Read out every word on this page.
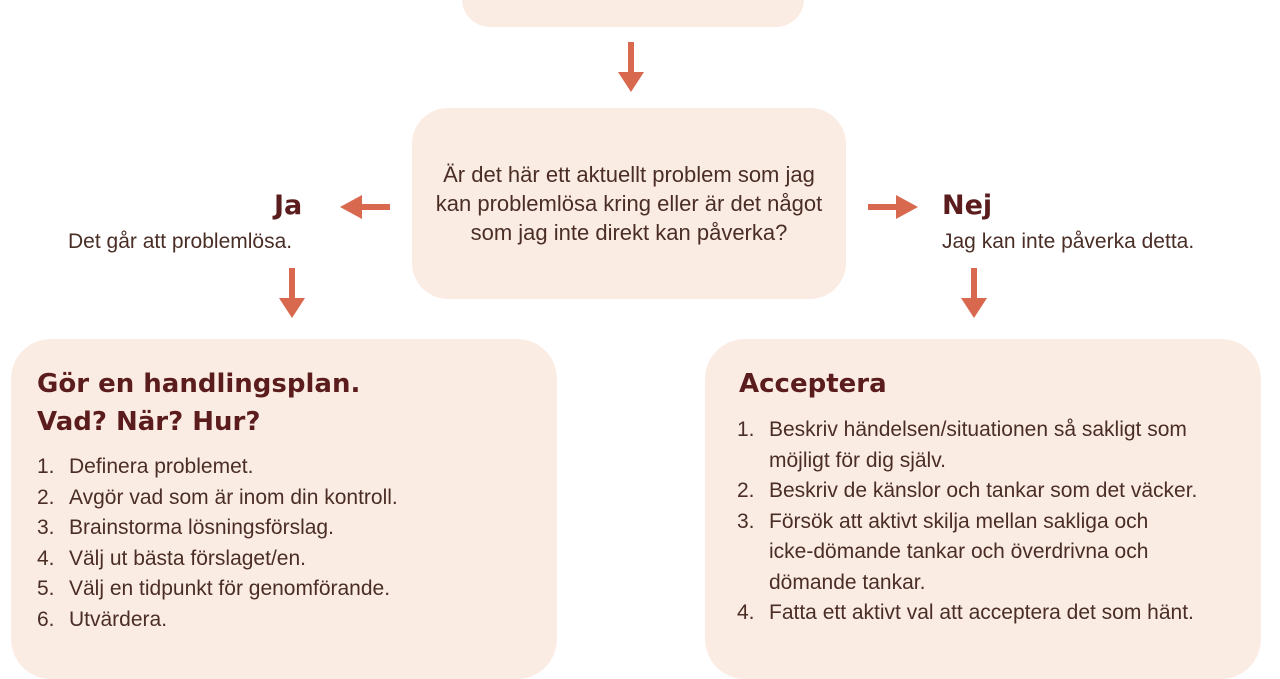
Är det här ett aktuellt problem som jag kan problemlösa kring eller är det något som jag inte direkt kan påverka?
Ja
Det går att problemlösa.
Nej
Jag kan inte påverka detta.
Gör en handlingsplan.
Vad? När? Hur?
1. Definera problemet.
2. Avgör vad som är inom din kontroll.
3. Brainstorma lösningsförslag.
4. Välj ut bästa förslaget/en.
5. Välj en tidpunkt för genomförande.
6. Utvärdera.
Acceptera
1. Beskriv händelsen/situationen så sakligt som
möjligt för dig själv.
2. Beskriv de känslor och tankar som det väcker.
3. Försök att aktivt skilja mellan sakliga och
icke-dömande tankar och överdrivna och
dömande tankar.
4. Fatta ett aktivt val att acceptera det som hänt.
